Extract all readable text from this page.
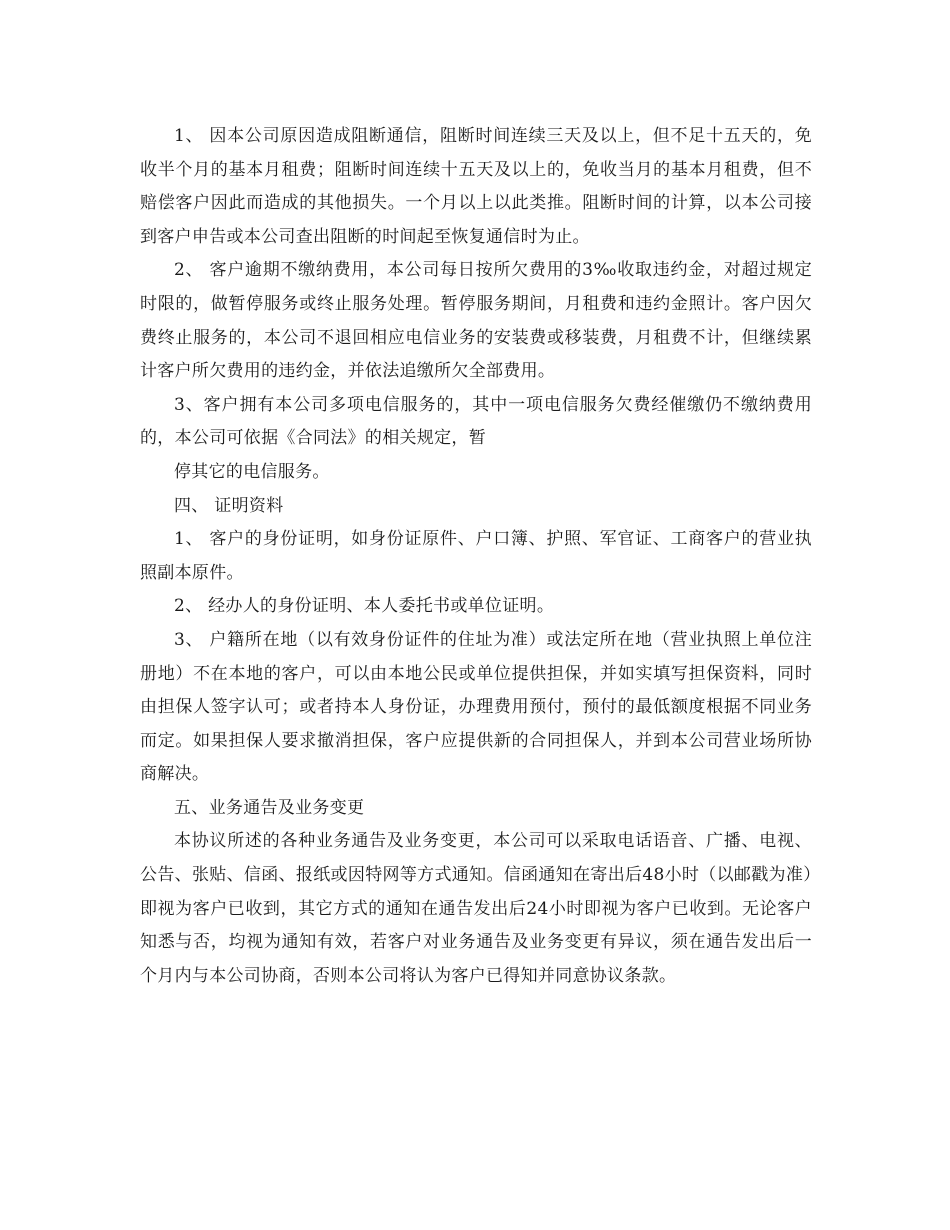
1、 因本公司原因造成阻断通信，阻断时间连续三天及以上，但不足十五天的，免收半个月的基本月租费；阻断时间连续十五天及以上的，免收当月的基本月租费，但不赔偿客户因此而造成的其他损失。一个月以上以此类推。阻断时间的计算，以本公司接到客户申告或本公司查出阻断的时间起至恢复通信时为止。

2、 客户逾期不缴纳费用，本公司每日按所欠费用的3‰收取违约金，对超过规定时限的，做暂停服务或终止服务处理。暂停服务期间，月租费和违约金照计。客户因欠费终止服务的，本公司不退回相应电信业务的安装费或移装费，月租费不计，但继续累计客户所欠费用的违约金，并依法追缴所欠全部费用。

3、客户拥有本公司多项电信服务的，其中一项电信服务欠费经催缴仍不缴纳费用的，本公司可依据《合同法》的相关规定，暂

停其它的电信服务。

四、 证明资料

1、 客户的身份证明，如身份证原件、户口簿、护照、军官证、工商客户的营业执照副本原件。

2、 经办人的身份证明、本人委托书或单位证明。

3、 户籍所在地（以有效身份证件的住址为准）或法定所在地（营业执照上单位注册地）不在本地的客户，可以由本地公民或单位提供担保，并如实填写担保资料，同时由担保人签字认可；或者持本人身份证，办理费用预付，预付的最低额度根据不同业务而定。如果担保人要求撤消担保，客户应提供新的合同担保人，并到本公司营业场所协商解决。

五、业务通告及业务变更

本协议所述的各种业务通告及业务变更，本公司可以采取电话语音、广播、电视、公告、张贴、信函、报纸或因特网等方式通知。信函通知在寄出后48小时（以邮戳为准）即视为客户已收到，其它方式的通知在通告发出后24小时即视为客户已收到。无论客户知悉与否，均视为通知有效，若客户对业务通告及业务变更有异议，须在通告发出后一个月内与本公司协商，否则本公司将认为客户已得知并同意协议条款。
